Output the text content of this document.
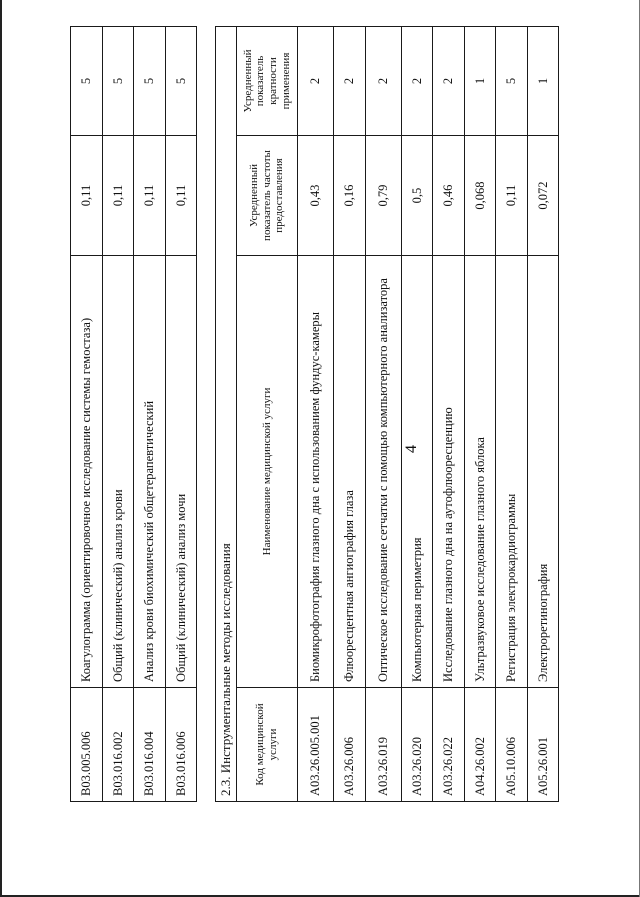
4
B03.005.006	Коагулограмма (ориентировочное исследование системы гемостаза)	0,11	5
B03.016.002	Общий (клинический) анализ крови	0,11	5
B03.016.004	Анализ крови биохимический общетерапевтический	0,11	5
B03.016.006	Общий (клинический) анализ мочи	0,11	5
2.3. Инструментальные методы исследования			
Код медицинской услуги	Наименование медицинской услуги	Усредненный показатель частоты предоставления	Усредненный показатель кратности применения
A03.26.005.001	Биомикрофотография глазного дна с использованием фундус-камеры	0,43	2
A03.26.006	Флюоресцентная ангиография глаза	0,16	2
A03.26.019	Оптическое исследование сетчатки с помощью компьютерного анализатора	0,79	2
A03.26.020	Компьютерная периметрия	0,5	2
A03.26.022	Исследование глазного дна на аутофлюоресценцию	0,46	2
A04.26.002	Ультразвуковое исследование глазного яблока	0,068	1
A05.10.006	Регистрация электрокардиограммы	0,11	5
A05.26.001	Электроретинография	0,072	1
